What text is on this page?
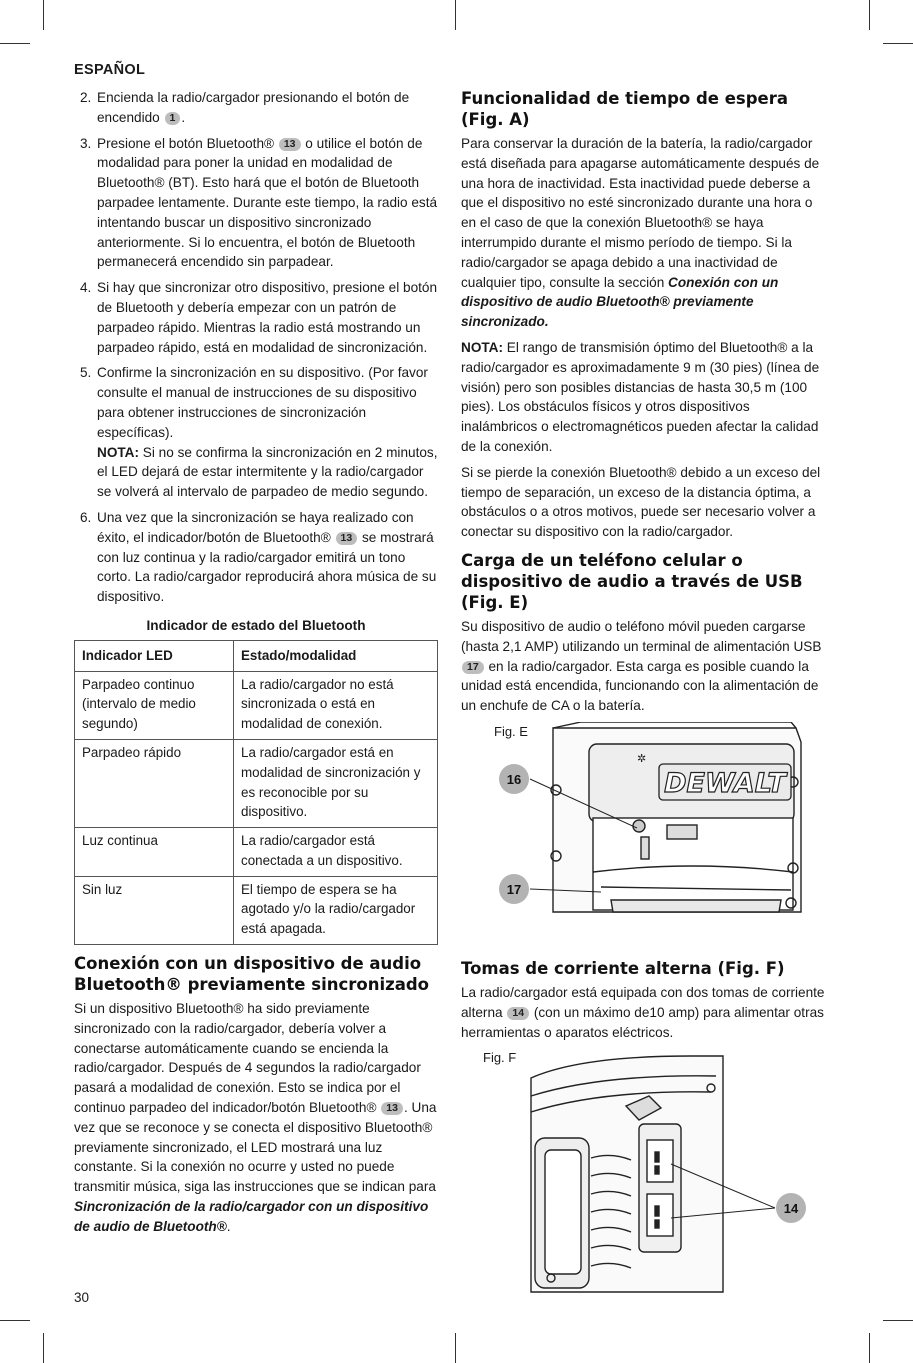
ESPAÑOL
2. Encienda la radio/cargador presionando el botón de encendido 1 .
3. Presione el botón Bluetooth® 13 o utilice el botón de modalidad para poner la unidad en modalidad de Bluetooth® (BT). Esto hará que el botón de Bluetooth parpadee lentamente. Durante este tiempo, la radio está intentando buscar un dispositivo sincronizado anteriormente. Si lo encuentra, el botón de Bluetooth permanecerá encendido sin parpadear.
4. Si hay que sincronizar otro dispositivo, presione el botón de Bluetooth y debería empezar con un patrón de parpadeo rápido. Mientras la radio está mostrando un parpadeo rápido, está en modalidad de sincronización.
5. Confirme la sincronización en su dispositivo. (Por favor consulte el manual de instrucciones de su dispositivo para obtener instrucciones de sincronización específicas).
NOTA: Si no se confirma la sincronización en 2 minutos, el LED dejará de estar intermitente y la radio/cargador se volverá al intervalo de parpadeo de medio segundo.
6. Una vez que la sincronización se haya realizado con éxito, el indicador/botón de Bluetooth® 13 se mostrará con luz continua y la radio/cargador emitirá un tono corto. La radio/cargador reproducirá ahora música de su dispositivo.
Indicador de estado del Bluetooth
Indicador LED	Estado/modalidad
Parpadeo continuo (intervalo de medio segundo)	La radio/cargador no está sincronizada o está en modalidad de conexión.
Parpadeo rápido	La radio/cargador está en modalidad de sincronización y es reconocible por su dispositivo.
Luz continua	La radio/cargador está conectada a un dispositivo.
Sin luz	El tiempo de espera se ha agotado y/o la radio/cargador está apagada.
Conexión con un dispositivo de audio Bluetooth® previamente sincronizado

Si un dispositivo Bluetooth® ha sido previamente sincronizado con la radio/cargador, debería volver a conectarse automáticamente cuando se encienda la radio/cargador. Después de 4 segundos la radio/cargador pasará a modalidad de conexión. Esto se indica por el continuo parpadeo del indicador/botón Bluetooth® 13 . Una vez que se reconoce y se conecta el dispositivo Bluetooth® previamente sincronizado, el LED mostrará una luz constante. Si la conexión no ocurre y usted no puede transmitir música, siga las instrucciones que se indican para Sincronización de la radio/cargador con un dispositivo de audio de Bluetooth®.

Funcionalidad de tiempo de espera (Fig. A)

Para conservar la duración de la batería, la radio/cargador está diseñada para apagarse automáticamente después de una hora de inactividad. Esta inactividad puede deberse a que el dispositivo no esté sincronizado durante una hora o en el caso de que la conexión Bluetooth® se haya interrumpido durante el mismo período de tiempo. Si la radio/cargador se apaga debido a una inactividad de cualquier tipo, consulte la sección Conexión con un dispositivo de audio Bluetooth® previamente sincronizado.

NOTA: El rango de transmisión óptimo del Bluetooth® a la radio/cargador es aproximadamente 9 m (30 pies) (línea de visión) pero son posibles distancias de hasta 30,5 m (100 pies). Los obstáculos físicos y otros dispositivos inalámbricos o electromagnéticos pueden afectar la calidad de la conexión.

Si se pierde la conexión Bluetooth® debido a un exceso del tiempo de separación, un exceso de la distancia óptima, a obstáculos o a otros motivos, puede ser necesario volver a conectar su dispositivo con la radio/cargador.

Carga de un teléfono celular o dispositivo de audio a través de USB (Fig. E)

Su dispositivo de audio o teléfono móvil pueden cargarse (hasta 2,1 AMP) utilizando un terminal de alimentación USB 17 en la radio/cargador. Esta carga es posible cuando la unidad está encendida, funcionando con la alimentación de un enchufe de CA o la batería.

Fig. E
DEWALT
✲
16
17
Tomas de corriente alterna (Fig. F)

La radio/cargador está equipada con dos tomas de corriente alterna 14 (con un máximo de10 amp) para alimentar otras herramientas o aparatos eléctricos.

Fig. F
14
30
